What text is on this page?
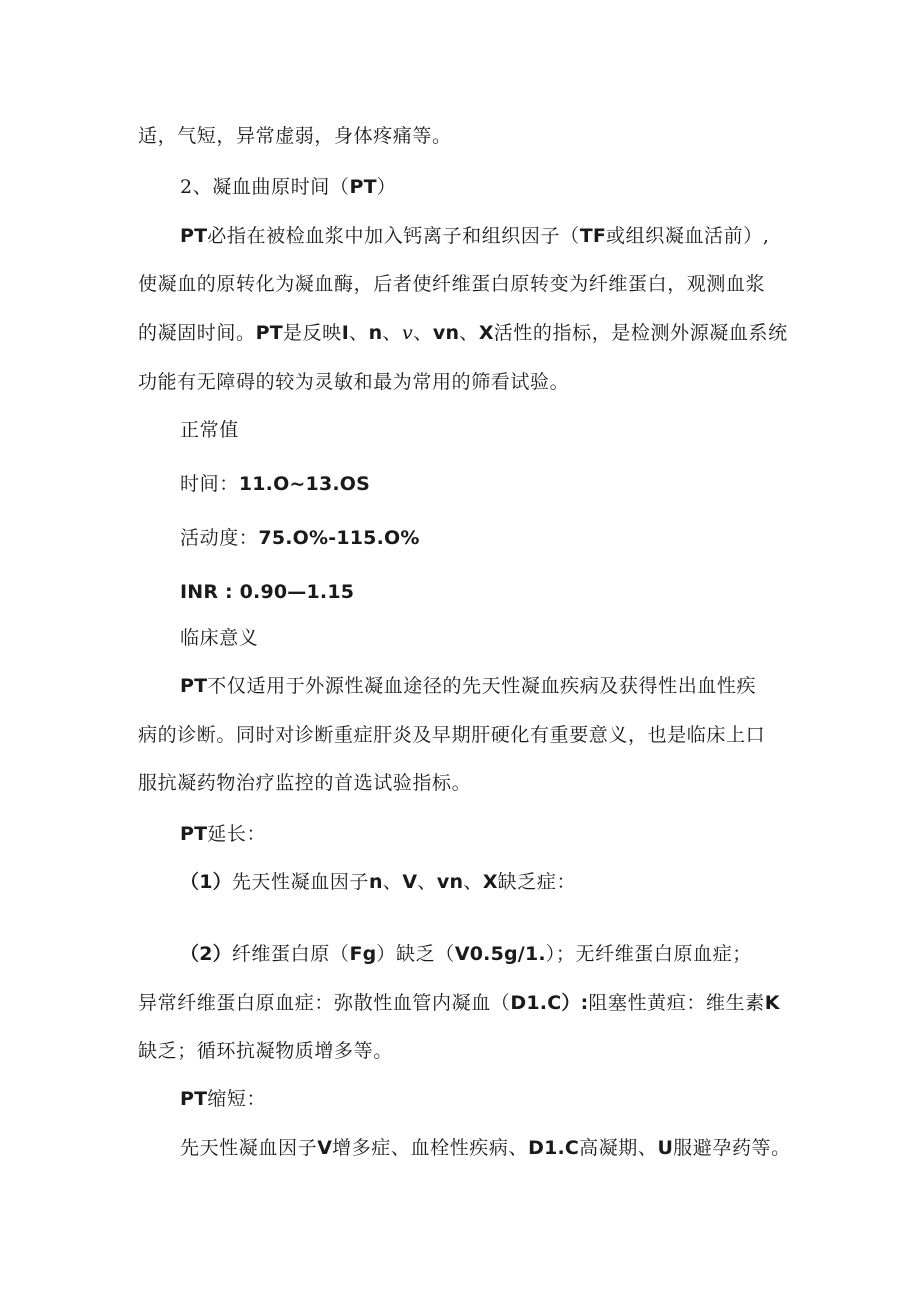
适，气短，异常虚弱，身体疼痛等。
2、凝血曲原时间（PT）
PT必指在被检血浆中加入钙离子和组织因子（TF或组织凝血活前）,
使凝血的原转化为凝血酶，后者使纤维蛋白原转变为纤维蛋白，观测血浆
的凝固时间。PT是反映I、n、v、vn、X活性的指标，是检测外源凝血系统
功能有无障碍的较为灵敏和最为常用的筛看试验。
正常值
时间：11.O~13.OS
活动度：75.O%-115.O%
INR : 0.90—1.15
临床意义
PT不仅适用于外源性凝血途径的先天性凝血疾病及获得性出血性疾
病的诊断。同时对诊断重症肝炎及早期肝硬化有重要意义，也是临床上口
服抗凝药物治疗监控的首选试验指标。
PT延长：
（1）先天性凝血因子n、V、vn、X缺乏症：
（2）纤维蛋白原（Fg）缺乏（V0.5g/1.）；无纤维蛋白原血症；
异常纤维蛋白原血症：弥散性血管内凝血（D1.C）:阻塞性黄疸：维生素K
缺乏；循环抗凝物质增多等。
PT缩短：
先天性凝血因子V增多症、血栓性疾病、D1.C高凝期、U服避孕药等。
